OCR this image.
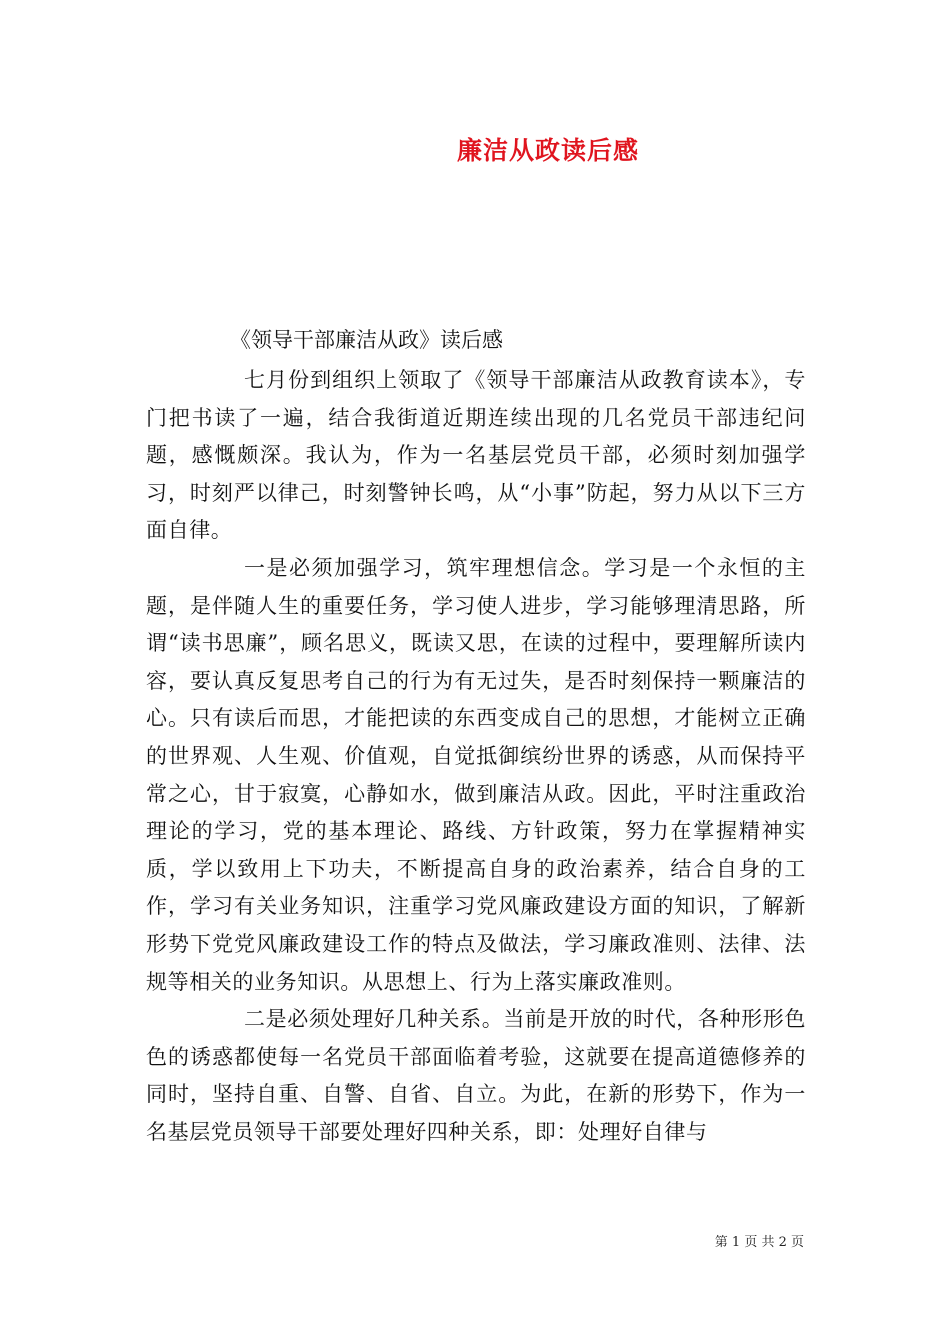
廉洁从政读后感
《领导干部廉洁从政》读后感

七月份到组织上领取了《领导干部廉洁从政教育读本》，专门把书读了一遍，结合我街道近期连续出现的几名党员干部违纪问题，感慨颇深。我认为，作为一名基层党员干部，必须时刻加强学习，时刻严以律己，时刻警钟长鸣，从“小事”防起，努力从以下三方面自律。

一是必须加强学习，筑牢理想信念。学习是一个永恒的主题，是伴随人生的重要任务，学习使人进步，学习能够理清思路，所谓“读书思廉”，顾名思义，既读又思，在读的过程中，要理解所读内容，要认真反复思考自己的行为有无过失，是否时刻保持一颗廉洁的心。只有读后而思，才能把读的东西变成自己的思想，才能树立正确的世界观、人生观、价值观，自觉抵御缤纷世界的诱惑，从而保持平常之心，甘于寂寞，心静如水，做到廉洁从政。因此，平时注重政治理论的学习，党的基本理论、路线、方针政策，努力在掌握精神实质，学以致用上下功夫，不断提高自身的政治素养，结合自身的工作，学习有关业务知识，注重学习党风廉政建设方面的知识，了解新形势下党党风廉政建设工作的特点及做法，学习廉政准则、法律、法规等相关的业务知识。从思想上、行为上落实廉政准则。

二是必须处理好几种关系。当前是开放的时代，各种形形色色的诱惑都使每一名党员干部面临着考验，这就要在提高道德修养的同时，坚持自重、自警、自省、自立。为此，在新的形势下，作为一名基层党员领导干部要处理好四种关系，即：处理好自律与

第 1 页 共 2 页
